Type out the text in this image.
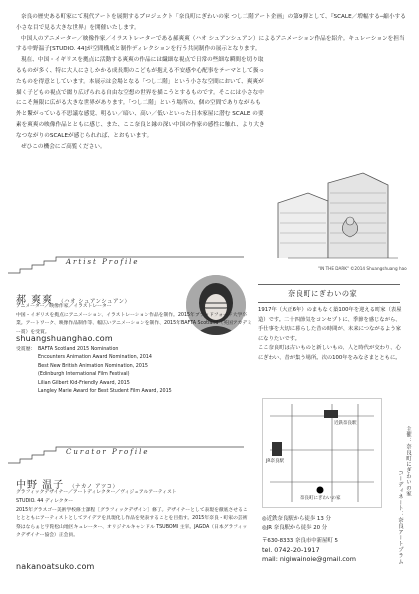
奈良の歴史ある町家にて現代アートを展開するプロジェクト「奈良町にぎわいの家 つし二階アート企画」の第9弾として、『SCALE／増幅する─縮小する 小さな目で見る大きな世界』を開催いたします。

中国人のアニメーター／映像作家／イラストレーターである郝爽爽（ハオ シュアンシュアン）によるアニメーション作品を紹介。キュレーションを担当する中野温子[STUDIO. 44]が空間構成と制作ディレクションを行う共同制作の展示となります。

現在、中国・イギリスを拠点に活動する爽爽の作品には繊細な視点で日常の些細な瞬間を切り取るものが多く、特に大人にさしかかる成長期のこどもが抱える不安感や心配事をテーマとして扱ったものを得意としています。本展示は会場となる「つし二階」という小さな空間において、爽爽が描く子どもの視点で綴り広げられる自由な空想の世界を描こうとするものです。そこには小さな中にこそ無限に広がる大きな世界があります。「つし二階」という場所の、個の空間でありながらも外と繋がっている不思議な感覚、明るい／暗い、高い／低いといった日本家屋に潜む SCALE の要素を爽爽の映像作品とともに感じ、また、ここ奈良と縁の深い中国の作家の感性に触れ、より大きなつながりのSCALEが感じられれば、とおもいます。

ぜひこの機会にご高覧ください。

"IN THE DARK" ©2014 Shuangshuang hao
Artist Profile
郝 爽爽 （ハオ シュアンシュアン）
アニメーター／映像作家／イラストレーター
中国・イギリスを拠点にアニメーション、イラストレーション作品を制作。2015年ブラッドフォード大学卒業。アートワーク、映像作品制作等、幅広いアニメーションを制作、2015年BAFTA Scotland（英国アカデミー賞）を受賞。
shuangshuanghao.com
受賞歴： BAFTA Scotland 2015 Nomination
Encounters Animation Award Nomination, 2014
Best New British Animation Nomination, 2015
(Edinburgh International Film Festival)
Lilian Gilbert Kid-Friendly Award, 2015
Langley Marie Award for Best Student Film Award, 2015
Curator Profile
中野 温子 （ナカノ アツコ）
グラフィックデザイナー／アートディレクター／ヴィジュアルアーティスト
STUDIO. 44 ディレクター
2015年グラスゴー美術学校修士課程［グラフィックデザイン］修了。デザイナーとして表現を徹底させることとともにアーティストとしてアイデアを具現化し作品を発表することを目指す。2015年奈良・町家の芸術祭はならぁと宇陀松山地区キュレーター、オリジナルキャンドル TSUBOMI 主宰。JAGDA（日本グラフィックデザイナー協会）正会員。
nakanoatsuko.com
奈良町にぎわいの家
1917年（大正6年）のまもなく築100年を迎える町家（表屋造）です。二十四節気をコンセプトに、季節を感じながら、手仕事を大切に暮らした昔の時間が、未来につながるよう家になりたいです。
ここ奈良町は古いものと新しいもの、人と時代が交わり、心にぎわい、昔が集う場所。次の100年をみなさまとともに。
近鉄奈良駅
JR奈良駅
奈良町にぎわいの家
◎近鉄奈良駅から徒歩 13 分
◎JR 奈良駅から徒歩 20 分
〒630-8333 奈良市中新屋町 5
tel. 0742-20-1917
mail: nigiwainoie@gmail.com
主催：奈良町にぎわいの家
コーディネート：奈良アートプラム
